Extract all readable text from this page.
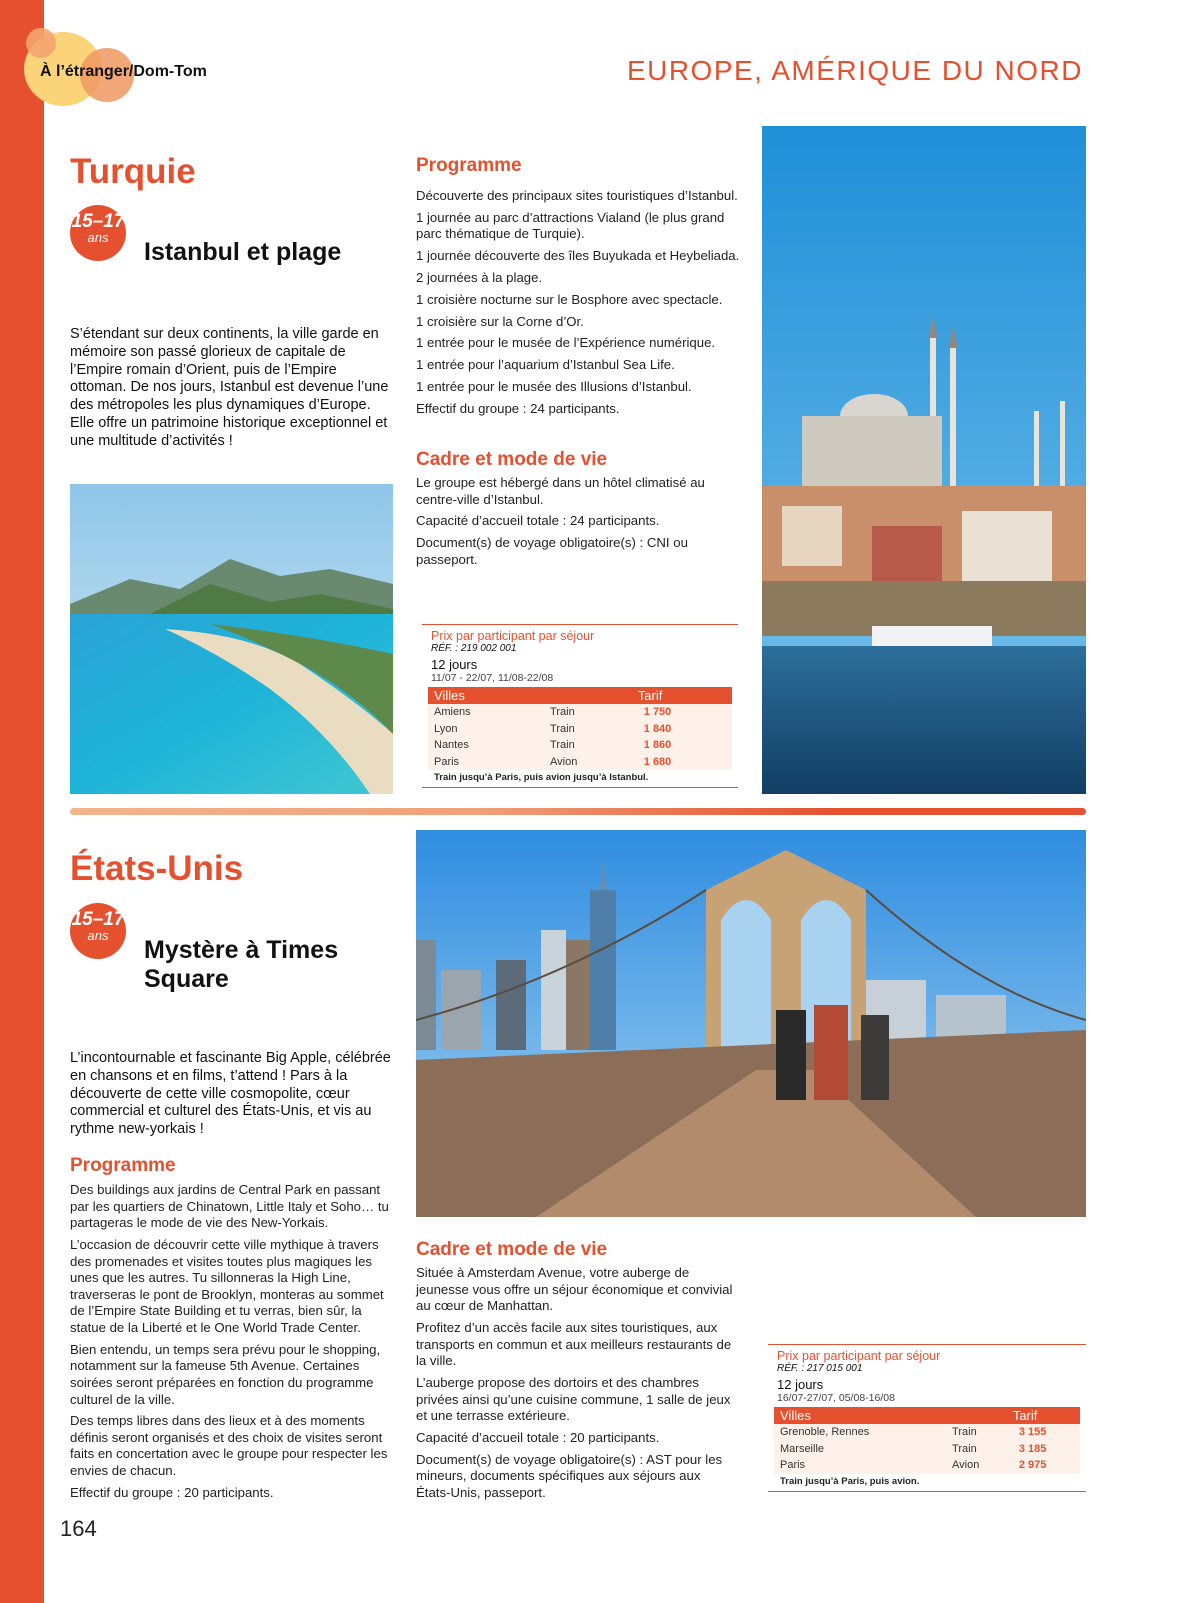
À l’étranger/Dom-Tom	EUROPE, AMÉRIQUE DU NORD
Turquie
15–17
ans
Istanbul et plage
S’étendant sur deux continents, la ville garde en mémoire son passé glorieux de capitale de l’Empire romain d’Orient, puis de l’Empire ottoman. De nos jours, Istanbul est devenue l’une des métropoles les plus dynamiques d’Europe. Elle offre un patrimoine historique exceptionnel et une multitude d’activités !
Programme

Découverte des principaux sites touristiques d’Istanbul.

1 journée au parc d’attractions Vialand (le plus grand parc thématique de Turquie).

1 journée découverte des îles Buyukada et Heybeliada.

2 journées à la plage.

1 croisière nocturne sur le Bosphore avec spectacle.

1 croisière sur la Corne d’Or.

1 entrée pour le musée de l’Expérience numérique.

1 entrée pour l’aquarium d’Istanbul Sea Life.

1 entrée pour le musée des Illusions d’Istanbul.

Effectif du groupe : 24 participants.

Cadre et mode de vie

Le groupe est hébergé dans un hôtel climatisé au centre-ville d’Istanbul.

Capacité d’accueil totale : 24 participants.

Document(s) de voyage obligatoire(s) : CNI ou passeport.

Prix par participant par séjour
RÉF. : 219 002 001
12 jours
11/07 - 22/07, 11/08-22/08
Villes		Tarif
Amiens	Train	1 750
Lyon	Train	1 840
Nantes	Train	1 860
Paris	Avion	1 680
Train jusqu’à Paris, puis avion jusqu’à Istanbul.
États-Unis
15–17
ans
Mystère à Times Square
L’incontournable et fascinante Big Apple, célébrée en chansons et en films, t’attend ! Pars à la découverte de cette ville cosmopolite, cœur commercial et culturel des États-Unis, et vis au rythme new-yorkais !
Programme

Des buildings aux jardins de Central Park en passant par les quartiers de Chinatown, Little Italy et Soho… tu partageras le mode de vie des New-Yorkais.

L’occasion de découvrir cette ville mythique à travers des promenades et visites toutes plus magiques les unes que les autres. Tu sillonneras la High Line, traverseras le pont de Brooklyn, monteras au sommet de l’Empire State Building et tu verras, bien sûr, la statue de la Liberté et le One World Trade Center.

Bien entendu, un temps sera prévu pour le shopping, notamment sur la fameuse 5th Avenue. Certaines soirées seront préparées en fonction du programme culturel de la ville.

Des temps libres dans des lieux et à des moments définis seront organisés et des choix de visites seront faits en concertation avec le groupe pour respecter les envies de chacun.

Effectif du groupe : 20 participants.

Cadre et mode de vie

Située à Amsterdam Avenue, votre auberge de jeunesse vous offre un séjour économique et convivial au cœur de Manhattan.

Profitez d’un accès facile aux sites touristiques, aux transports en commun et aux meilleurs restaurants de la ville.

L’auberge propose des dortoirs et des chambres privées ainsi qu’une cuisine commune, 1 salle de jeux et une terrasse extérieure.

Capacité d’accueil totale : 20 participants.

Document(s) de voyage obligatoire(s) : AST pour les mineurs, documents spécifiques aux séjours aux États-Unis, passeport.

Prix par participant par séjour
RÉF. : 217 015 001
12 jours
16/07-27/07, 05/08-16/08
Villes		Tarif
Grenoble, Rennes	Train	3 155
Marseille	Train	3 185
Paris	Avion	2 975
Train jusqu’à Paris, puis avion.
164
